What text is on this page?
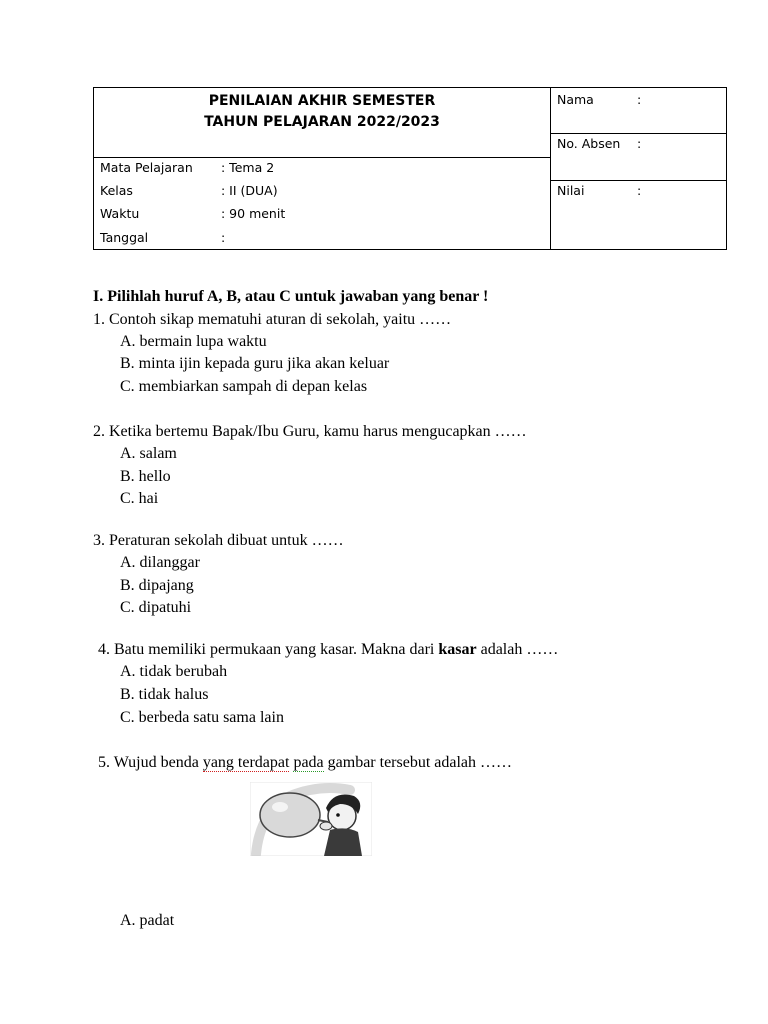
PENILAIAN AKHIR SEMESTER
TAHUN PELAJARAN 2022/2023
Mata Pelajaran : Tema 2
Kelas	: II (DUA)
Waktu	: 90 menit
Tanggal	:
Nama	:
No. Absen :
Nilai	:
I. Pilihlah huruf A, B, atau C untuk jawaban yang benar !
1. Contoh sikap mematuhi aturan di sekolah, yaitu ……
A. bermain lupa waktu
B. minta ijin kepada guru jika akan keluar
C. membiarkan sampah di depan kelas
2. Ketika bertemu Bapak/Ibu Guru, kamu harus mengucapkan ……
A. salam
B. hello
C. hai
3. Peraturan sekolah dibuat untuk ……
A. dilanggar
B. dipajang
C. dipatuhi
4. Batu memiliki permukaan yang kasar. Makna dari kasar adalah ……
A. tidak berubah
B. tidak halus
C. berbeda satu sama lain
5. Wujud benda yang terdapat pada gambar tersebut adalah ……
A. padat
